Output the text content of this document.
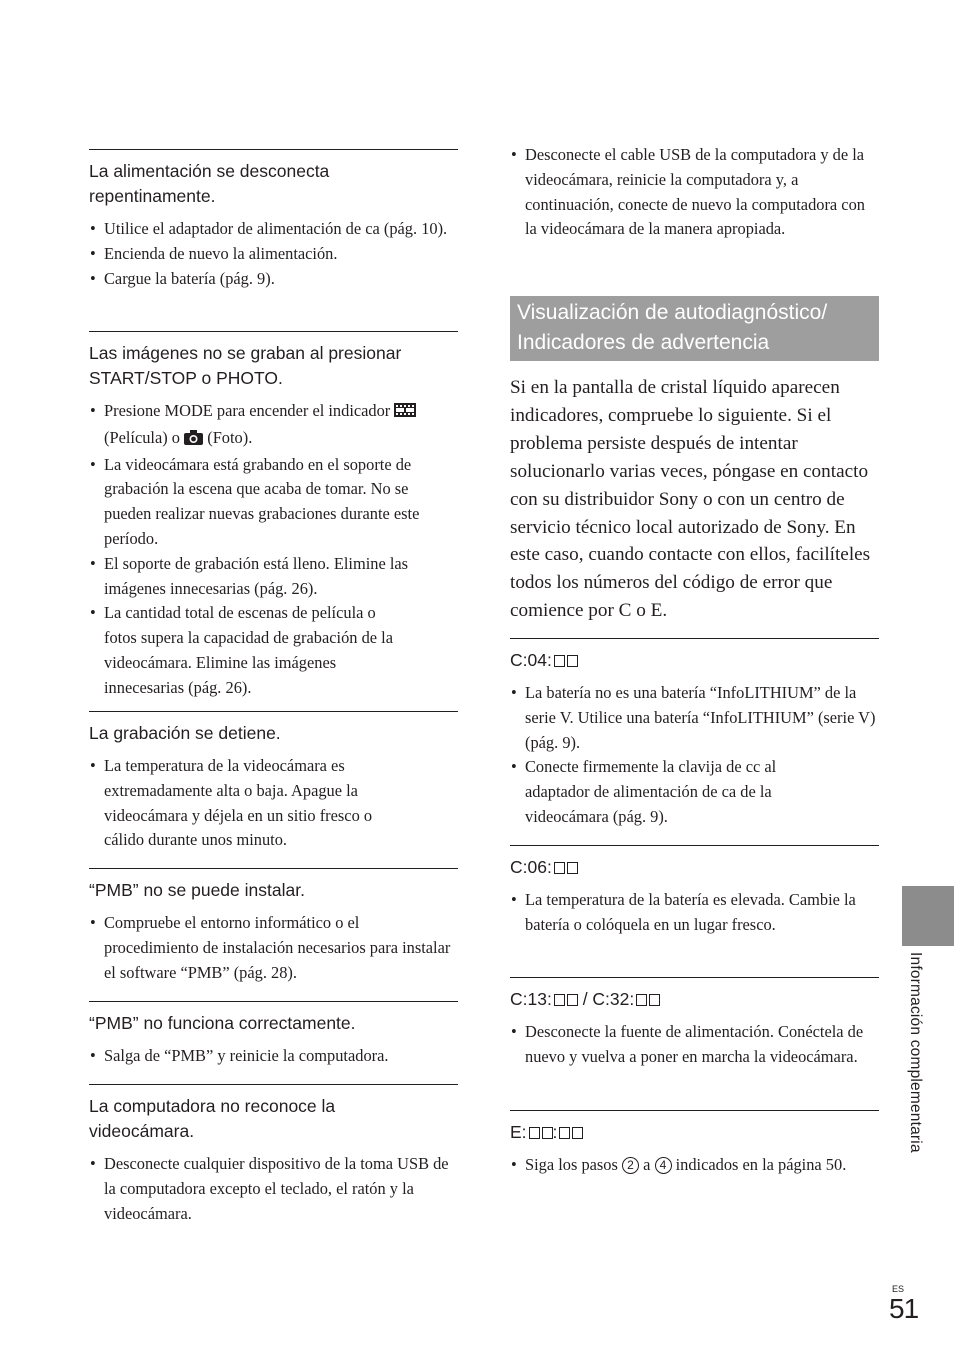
La alimentación se desconecta repentinamente.

• Utilice el adaptador de alimentación de ca (pág. 10).
• Encienda de nuevo la alimentación.
• Cargue la batería (pág. 9).

Las imágenes no se graban al presionar START/STOP o PHOTO.

• Presione MODE para encender el indicador  (Película) o (Foto).
• La videocámara está grabando en el soporte de grabación la escena que acaba de tomar. No se pueden realizar nuevas grabaciones durante este período.
• El soporte de grabación está lleno. Elimine las imágenes innecesarias (pág. 26).
• La cantidad total de escenas de película o fotos supera la capacidad de grabación de la videocámara. Elimine las imágenes innecesarias (pág. 26).

La grabación se detiene.

• La temperatura de la videocámara es extremadamente alta o baja. Apague la videocámara y déjela en un sitio fresco o cálido durante unos minuto.

“PMB” no se puede instalar.

• Compruebe el entorno informático o el procedimiento de instalación necesarios para instalar el software “PMB” (pág. 28).

“PMB” no funciona correctamente.

• Salga de “PMB” y reinicie la computadora.

La computadora no reconoce la videocámara.

• Desconecte cualquier dispositivo de la toma USB de la computadora excepto el teclado, el ratón y la videocámara.
• Desconecte el cable USB de la computadora y de la videocámara, reinicie la computadora y, a continuación, conecte de nuevo la computadora con la videocámara de la manera apropiada.
Visualización de autodiagnóstico/ Indicadores de advertencia

Si en la pantalla de cristal líquido aparecen indicadores, compruebe lo siguiente. Si el problema persiste después de intentar solucionarlo varias veces, póngase en contacto con su distribuidor Sony o con un centro de servicio técnico local autorizado de Sony. En este caso, cuando contacte con ellos, facilíteles todos los números del código de error que comience por C o E.

C:04:

• La batería no es una batería “InfoLITHIUM” de la serie V. Utilice una batería “InfoLITHIUM” (serie V) (pág. 9).
• Conecte firmemente la clavija de cc al adaptador de alimentación de ca de la videocámara (pág. 9).

C:06:

• La temperatura de la batería es elevada. Cambie la batería o colóquela en un lugar fresco.

C:13: / C:32:

• Desconecte la fuente de alimentación. Conéctela de nuevo y vuelva a poner en marcha la videocámara.

E: :

• Siga los pasos 2 a 4 indicados en la página 50.
Información complementaria
ES
51
